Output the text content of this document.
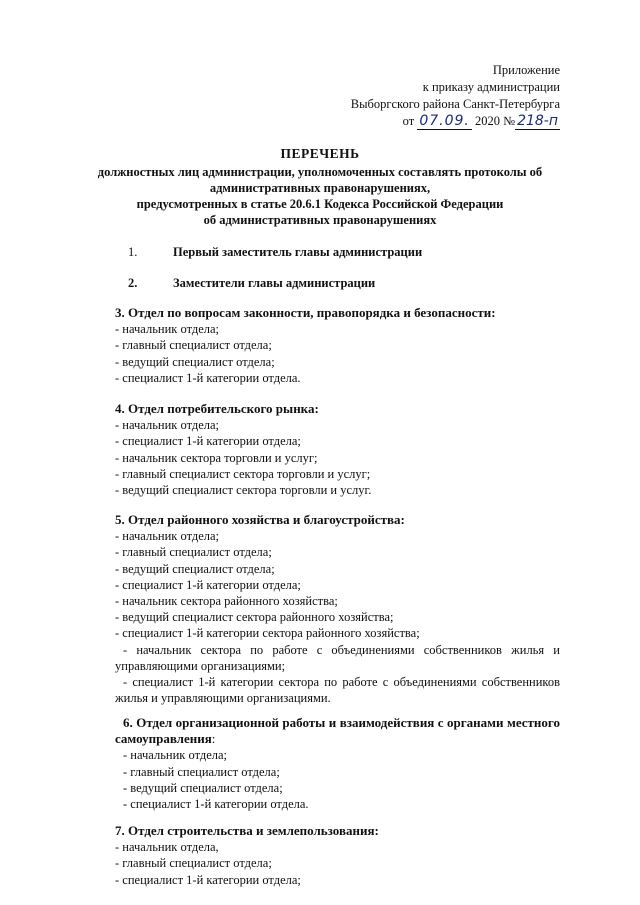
Приложение
к приказу администрации
Выборгского района Санкт-Петербурга
от 07.09. 2020 № 218-п
ПЕРЕЧЕНЬ
должностных лиц администрации, уполномоченных составлять протоколы об
административных правонарушениях,
предусмотренных в статье 20.6.1 Кодекса Российской Федерации
об административных правонарушениях
1.	Первый заместитель главы администрации
2.	Заместители главы администрации
3. Отдел по вопросам законности, правопорядка и безопасности:
- начальник отдела;
- главный специалист отдела;
- ведущий специалист отдела;
- специалист 1-й категории отдела.
4. Отдел потребительского рынка:
- начальник отдела;
- специалист 1-й категории отдела;
- начальник сектора торговли и услуг;
- главный специалист сектора торговли и услуг;
- ведущий специалист сектора торговли и услуг.
5. Отдел районного хозяйства и благоустройства:
- начальник отдела;
- главный специалист отдела;
- ведущий специалист отдела;
- специалист 1-й категории отдела;
- начальник сектора районного хозяйства;
- ведущий специалист сектора районного хозяйства;
- специалист 1-й категории сектора районного хозяйства;
- начальник сектора по работе с объединениями собственников жилья и управляющими организациями;
- специалист 1-й категории сектора по работе с объединениями собственников жилья и управляющими организациями.
6. Отдел организационной работы и взаимодействия с органами местного самоуправления:
- начальник отдела;
- главный специалист отдела;
- ведущий специалист отдела;
- специалист 1-й категории отдела.
7. Отдел строительства и землепользования:
- начальник отдела,
- главный специалист отдела;
- специалист 1-й категории отдела;
